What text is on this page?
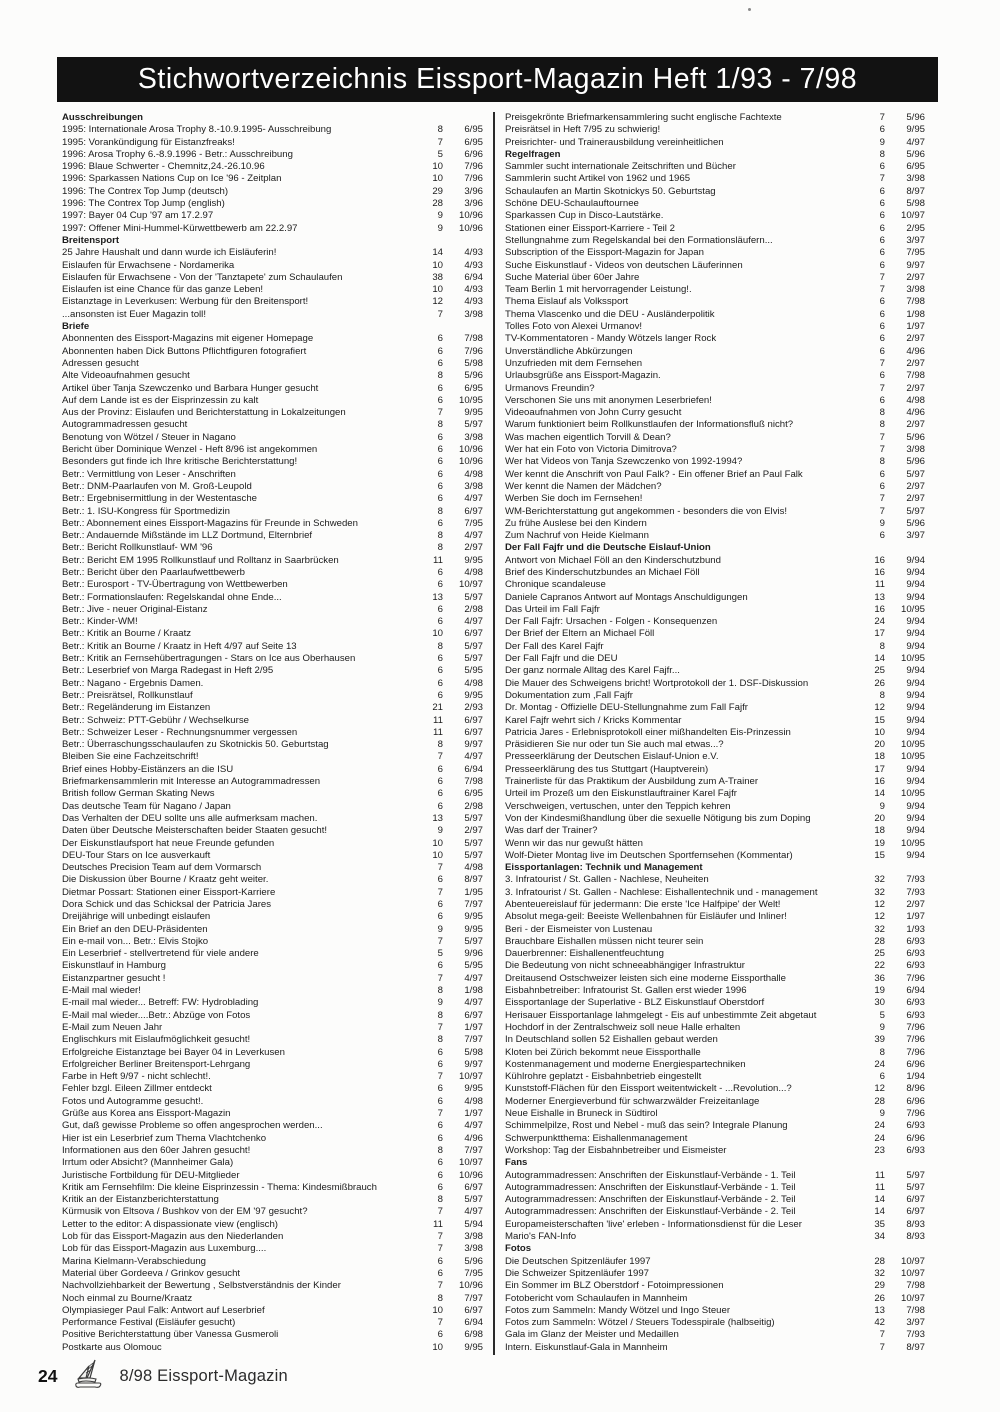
Stichwortverzeichnis Eissport-Magazin Heft 1/93 - 7/98
Ausschreibungen
1995: Internationale Arosa Trophy 8.-10.9.1995- Ausschreibung	8	6/95
1995: Vorankündigung für Eistanzfreaks!	7	6/95
1996: Arosa Trophy 6.-8.9.1996 - Betr.: Ausschreibung	5	6/96
1996: Blaue Schwerter - Chemnitz,24.-26.10.96	10	7/96
1996: Sparkassen Nations Cup on Ice '96 - Zeitplan	10	7/96
1996: The Contrex Top Jump (deutsch)	29	3/96
1996: The Contrex Top Jump (english)	28	3/96
1997: Bayer 04 Cup '97 am 17.2.97	9	10/96
1997: Offener Mini-Hummel-Kürwettbewerb am 22.2.97	9	10/96
Breitensport
25 Jahre Haushalt und dann wurde ich Eisläuferin!	14	4/93
Eislaufen für Erwachsene - Nordamerika	10	4/93
Eislaufen für Erwachsene - Von der 'Tanztapete' zum Schaulaufen	38	6/94
Eislaufen ist eine Chance für das ganze Leben!	10	4/93
Eistanztage in Leverkusen: Werbung für den Breitensport!	12	4/93
...ansonsten ist Euer Magazin toll!	7	3/98
Briefe
Abonnenten des Eissport-Magazins mit eigener Homepage	6	7/98
Abonnenten haben Dick Buttons Pflichtfiguren fotografiert	6	7/96
Adressen gesucht	6	5/98
Alte Videoaufnahmen gesucht	8	5/96
Artikel über Tanja Szewczenko und Barbara Hunger gesucht	6	6/95
Auf dem Lande ist es der Eisprinzessin zu kalt	6	10/95
Aus der Provinz: Eislaufen und Berichterstattung in Lokalzeitungen	7	9/95
Autogrammadressen gesucht	8	5/97
Benotung von Wötzel / Steuer in Nagano	6	3/98
Bericht über Dominique Wenzel - Heft 8/96 ist angekommen	6	10/96
Besonders gut finde ich Ihre kritische Berichterstattung!	6	10/96
Betr.: Vermittlung von Leser - Anschriften	6	4/98
Betr.: DNM-Paarlaufen von M. Groß-Leupold	6	3/98
Betr.: Ergebnisermittlung in der Westentasche	6	4/97
Betr.: 1. ISU-Kongress für Sportmedizin	8	6/97
Betr.: Abonnement eines Eissport-Magazins für Freunde in Schweden	6	7/95
Betr.: Andauernde Mißstände im LLZ Dortmund, Elternbrief	8	4/97
Betr.: Bericht Rollkunstlauf- WM '96	8	2/97
Betr.: Bericht EM 1995 Rollkunstlauf und Rolltanz in Saarbrücken	11	9/95
Betr.: Bericht über den Paarlaufwettbewerb	6	4/98
Betr.: Eurosport - TV-Übertragung von Wettbewerben	6	10/97
Betr.: Formationslaufen: Regelskandal ohne Ende...	13	5/97
Betr.: Jive - neuer Original-Eistanz	6	2/98
Betr.: Kinder-WM!	6	4/97
Betr.: Kritik an Bourne / Kraatz	10	6/97
Betr.: Kritik an Bourne / Kraatz in Heft 4/97 auf Seite 13	8	5/97
Betr.: Kritik an Fernsehübertragungen - Stars on Ice aus Oberhausen	6	5/97
Betr.: Leserbrief von Marga Radegast in Heft 2/95	6	5/95
Betr.: Nagano - Ergebnis Damen.	6	4/98
Betr.: Preisrätsel, Rollkunstlauf	6	9/95
Betr.: Regeländerung im Eistanzen	21	2/93
Betr.: Schweiz: PTT-Gebühr / Wechselkurse	11	6/97
Betr.: Schweizer Leser - Rechnungsnummer vergessen	11	6/97
Betr.: Überraschungsschaulaufen zu Skotnickis 50. Geburtstag	8	9/97
Bleiben Sie eine Fachzeitschrift!	7	4/97
Brief eines Hobby-Eistänzers an die ISU	6	6/94
Briefmarkensammlerin mit Interesse an Autogrammadressen	6	7/98
British follow German Skating News	6	6/95
Das deutsche Team für Nagano / Japan	6	2/98
Das Verhalten der DEU sollte uns alle aufmerksam machen.	13	5/97
Daten über Deutsche Meisterschaften beider Staaten gesucht!	9	2/97
Der Eiskunstlaufsport hat neue Freunde gefunden	10	5/97
DEU-Tour Stars on Ice ausverkauft	10	5/97
Deutsches Precision Team auf dem Vormarsch	7	4/98
Die Diskussion über Bourne / Kraatz geht weiter.	6	8/97
Dietmar Possart: Stationen einer Eissport-Karriere	7	1/95
Dora Schick und das Schicksal der Patricia Jares	6	7/97
Dreijährige will unbedingt eislaufen	6	9/95
Ein Brief an den DEU-Präsidenten	9	9/95
Ein e-mail von... Betr.: Elvis Stojko	7	5/97
Ein Leserbrief - stellvertretend für viele andere	5	9/96
Eiskunstlauf in Hamburg	6	5/95
Eistanzpartner gesucht !	7	4/97
E-Mail mal wieder!	8	1/98
E-mail mal wieder... Betreff: FW: Hydroblading	9	4/97
E-Mail mal wieder....Betr.: Abzüge von Fotos	8	6/97
E-Mail zum Neuen Jahr	7	1/97
Englischkurs mit Eislaufmöglichkeit gesucht!	8	7/97
Erfolgreiche Eistanztage bei Bayer 04 in Leverkusen	6	5/98
Erfolgreicher Berliner Breitensport-Lehrgang	6	9/97
Farbe in Heft 9/97 - nicht schlecht!.	7	10/97
Fehler bzgl. Eileen Zillmer entdeckt	6	9/95
Fotos und Autogramme gesucht!.	6	4/98
Grüße aus Korea ans Eissport-Magazin	7	1/97
Gut, daß gewisse Probleme so offen angesprochen werden...	6	4/97
Hier ist ein Leserbrief zum Thema Vlachtchenko	6	4/96
Informationen aus den 60er Jahren gesucht!	8	7/97
Irrtum oder Absicht? (Mannheimer Gala)	6	10/97
Juristische Fortbildung für DEU-Mitglieder	6	10/96
Kritik am Fernsehfilm: Die kleine Eisprinzessin - Thema: Kindesmißbrauch	6	6/97
Kritik an der Eistanzberichterstattung	8	5/97
Kürmusik von Eltsova / Bushkov von der EM '97 gesucht?	7	4/97
Letter to the editor: A dispassionate view (englisch)	11	5/94
Lob für das Eissport-Magazin aus den Niederlanden	7	3/98
Lob für das Eissport-Magazin aus Luxemburg....	7	3/98
Marina Kielmann-Verabschiedung	6	5/96
Material über Gordeeva / Grinkov gesucht	6	7/95
Nachvollziehbarkeit der Bewertung , Selbstverständnis der Kinder	7	10/96
Noch einmal zu Bourne/Kraatz	8	7/97
Olympiasieger Paul Falk: Antwort auf Leserbrief	10	6/97
Performance Festival (Eisläufer gesucht)	7	6/94
Positive Berichterstattung über Vanessa Gusmeroli	6	6/98
Postkarte aus Olomouc	10	9/95
Preisgekrönte Briefmarkensammlering sucht englische Fachtexte	7	5/96
Preisrätsel in Heft 7/95 zu schwierig!	6	9/95
Preisrichter- und Trainerausbildung vereinheitlichen	9	4/97
Regelfragen	8	5/96
Sammler sucht internationale Zeitschriften und Bücher	6	6/95
Sammlerin sucht Artikel von 1962 und 1965	7	3/98
Schaulaufen an Martin Skotnickys 50. Geburtstag	6	8/97
Schöne DEU-Schaulauftournee	6	5/98
Sparkassen Cup in Disco-Lautstärke.	6	10/97
Stationen einer Eissport-Karriere - Teil 2	6	2/95
Stellungnahme zum Regelskandal bei den Formationsläufern...	6	3/97
Subscription of the Eissport-Magazin for Japan	6	7/95
Suche Eiskunstlauf - Videos von deutschen Läuferinnen	6	9/97
Suche Material über 60er Jahre	7	2/97
Team Berlin 1 mit hervorragender Leistung!.	7	3/98
Thema Eislauf als Volkssport	6	7/98
Thema Vlascenko und die DEU - Ausländerpolitik	6	1/98
Tolles Foto von Alexei Urmanov!	6	1/97
TV-Kommentatoren - Mandy Wötzels langer Rock	6	2/97
Unverständliche Abkürzungen	6	4/96
Unzufrieden mit dem Fernsehen	7	2/97
Urlaubsgrüße ans Eissport-Magazin.	6	7/98
Urmanovs Freundin?	7	2/97
Verschonen Sie uns mit anonymen Leserbriefen!	6	4/98
Videoaufnahmen von John Curry gesucht	8	4/96
Warum funktioniert beim Rollkunstlaufen der Informationsfluß nicht?	8	2/97
Was machen eigentlich Torvill & Dean?	7	5/96
Wer hat ein Foto von Victoria Dimitrova?	7	3/98
Wer hat Videos von Tanja Szewczenko von 1992-1994?	8	5/96
Wer kennt die Anschrift von Paul Falk? - Ein offener Brief an Paul Falk	6	5/97
Wer kennt die Namen der Mädchen?	6	2/97
Werben Sie doch im Fernsehen!	7	2/97
WM-Berichterstattung gut angekommen - besonders die von Elvis!	7	5/97
Zu frühe Auslese bei den Kindern	9	5/96
Zum Nachruf von Heide Kielmann	6	3/97
Der Fall Fajfr und die Deutsche Eislauf-Union
Antwort von Michael Föll an den Kinderschutzbund	16	9/94
Brief des Kinderschutzbundes an Michael Föll	16	9/94
Chronique scandaleuse	11	9/94
Daniele Capranos Antwort auf Montags Anschuldigungen	13	9/94
Das Urteil im Fall Fajfr	16	10/95
Der Fall Fajfr: Ursachen - Folgen - Konsequenzen	24	9/94
Der Brief der Eltern an Michael Föll	17	9/94
Der Fall des Karel Fajfr	8	9/94
Der Fall Fajfr und die DEU	14	10/95
Der ganz normale Alltag des Karel Fajfr...	25	9/94
Die Mauer des Schweigens bricht! Wortprotokoll der 1. DSF-Diskussion	26	9/94
Dokumentation zum ,Fall Fajfr	8	9/94
Dr. Montag - Offizielle DEU-Stellungnahme zum Fall Fajfr	12	9/94
Karel Fajfr wehrt sich / Kricks Kommentar	15	9/94
Patricia Jares - Erlebnisprotokoll einer mißhandelten Eis-Prinzessin	10	9/94
Präsidieren Sie nur oder tun Sie auch mal etwas...?	20	10/95
Presseerklärung der Deutschen Eislauf-Union e.V.	18	10/95
Presseerklärung des tus Stuttgart (Hauptverein)	17	9/94
Trainerliste für das Praktikum der Ausbildung zum A-Trainer	16	9/94
Urteil im Prozeß um den Eiskunstlauftrainer Karel Fajfr	14	10/95
Verschweigen, vertuschen, unter den Teppich kehren	9	9/94
Von der Kindesmißhandlung über die sexuelle Nötigung bis zum Doping	20	9/94
Was darf der Trainer?	18	9/94
Wenn wir das nur gewußt hätten	19	10/95
Wolf-Dieter Montag live im Deutschen Sportfernsehen (Kommentar)	15	9/94
Eissportanlagen: Technik und Management
3. Infratourist / St. Gallen - Nachlese, Neuheiten	32	7/93
3. Infratourist / St. Gallen - Nachlese: Eishallentechnik und - management	32	7/93
Abenteuereislauf für jedermann: Die erste 'Ice Halfpipe' der Welt!	12	2/97
Absolut mega-geil: Beeiste Wellenbahnen für Eisläufer und Inliner!	12	1/97
Beri - der Eismeister von Lustenau	32	1/93
Brauchbare Eishallen müssen nicht teurer sein	28	6/93
Dauerbrenner: Eishallenentfeuchtung	25	6/93
Die Bedeutung von nicht schneeabhängiger Infrastruktur	22	6/93
Dreitausend Ostschweizer leisten sich eine moderne Eissporthalle	36	7/96
Eisbahnbetreiber: Infratourist St. Gallen erst wieder 1996	19	6/94
Eissportanlage der Superlative - BLZ Eiskunstlauf Oberstdorf	30	6/93
Herisauer Eissportanlage lahmgelegt - Eis auf unbestimmte Zeit abgetaut	5	6/93
Hochdorf in der Zentralschweiz soll neue Halle erhalten	9	7/96
In Deutschland sollen 52 Eishallen gebaut werden	39	7/96
Kloten bei Zürich bekommt neue Eissporthalle	8	7/96
Kostenmanagement und moderne Energiespartechniken	24	6/96
Kühlrohre geplatzt - Eisbahnbetrieb eingestellt	6	1/94
Kunststoff-Flächen für den Eissport weitentwickelt - ...Revolution...?	12	8/96
Moderner Energieverbund für schwarzwälder Freizeitanlage	28	6/96
Neue Eishalle in Bruneck in Südtirol	9	7/96
Schimmelpilze, Rost und Nebel - muß das sein? Integrale Planung	24	6/93
Schwerpunktthema: Eishallenmanagement	24	6/96
Workshop: Tag der Eisbahnbetreiber und Eismeister	23	6/93
Fans
Autogrammadressen: Anschriften der Eiskunstlauf-Verbände - 1. Teil	11	5/97
Autogrammadressen: Anschriften der Eiskunstlauf-Verbände - 1. Teil	11	5/97
Autogrammadressen: Anschriften der Eiskunstlauf-Verbände - 2. Teil	14	6/97
Autogrammadressen: Anschriften der Eiskunstlauf-Verbände - 2. Teil	14	6/97
Europameisterschaften 'live' erleben - Informationsdienst für die Leser	35	8/93
Mario's FAN-Info	34	8/93
Fotos
Die Deutschen Spitzenläufer 1997	28	10/97
Die Schweizer Spitzenläufer 1997	32	10/97
Ein Sommer im BLZ Oberstdorf - Fotoimpressionen	29	7/98
Fotobericht vom Schaulaufen in Mannheim	26	10/97
Fotos zum Sammeln: Mandy Wötzel und Ingo Steuer	13	7/98
Fotos zum Sammeln: Wötzel / Steuers Todesspirale (halbseitig)	42	3/97
Gala im Glanz der Meister und Medaillen	7	7/93
Intern. Eiskunstlauf-Gala in Mannheim	7	8/97
24	8/98 Eissport-Magazin
